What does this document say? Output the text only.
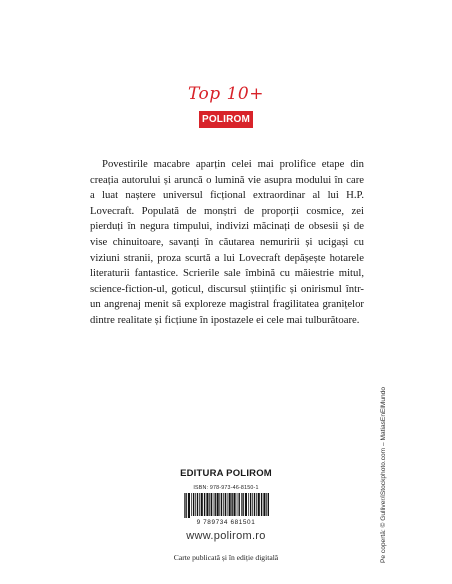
Top 10+
POLIROM

Povestirile macabre aparțin celei mai prolifice etape din creația autorului și aruncă o lumină vie asupra modului în care a luat naștere universul ficțional extraordinar al lui H.P. Lovecraft. Populată de monștri de proporții cosmice, zei pierduți în negura timpului, indivizi măcinați de obsesii și de vise chinuitoare, savanți în căutarea nemuririi și ucigași cu viziuni stranii, proza scurtă a lui Lovecraft depășește hotarele literaturii fantastice. Scrierile sale îmbină cu măiestrie mitul, science-fiction-ul, goticul, discursul științific și onirismul într-un angrenaj menit să exploreze magistral fragilitatea granițelor dintre realitate și ficțiune în ipostazele ei cele mai tulburătoare.

Pe copertă: © Gulliver/iStockphoto.com – MatiasEnElMundo
EDITURA POLIROM
ISBN: 978-973-46-8150-1
9 789734 681501
www.polirom.ro
Carte publicată și în ediție digitală
